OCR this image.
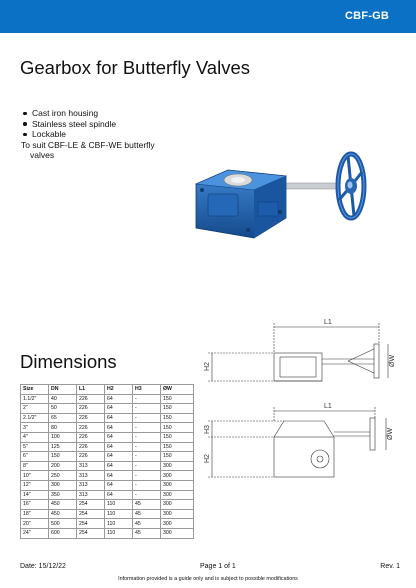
CBF-GB
Gearbox for Butterfly Valves
Cast iron housing
Stainless steel spindle
Lockable
To suit CBF-LE & CBF-WE butterfly
valves
Dimensions
Size	DN	L1	H2	H3	ØW
1.1/2"	40	226	64	-	150
2"	50	226	64	-	150
2.1/2"	65	226	64	-	150
3"	80	226	64	-	150
4"	100	226	64	-	150
5"	125	226	64	-	150
6"	150	226	64	-	150
8"	200	313	64	-	300
10"	250	313	64	-	300
12"	300	313	64	-	300
14"	350	313	64	-	300
16"	450	254	110	45	300
18"	450	254	110	45	300
20"	500	254	110	45	300
24"	600	254	110	45	300
L1
H2	ØW
L1
H3
H2
ØW
Date: 15/12/22	Page 1 of 1	Rev. 1
Information provided is a guide only and is subject to possible modifications
